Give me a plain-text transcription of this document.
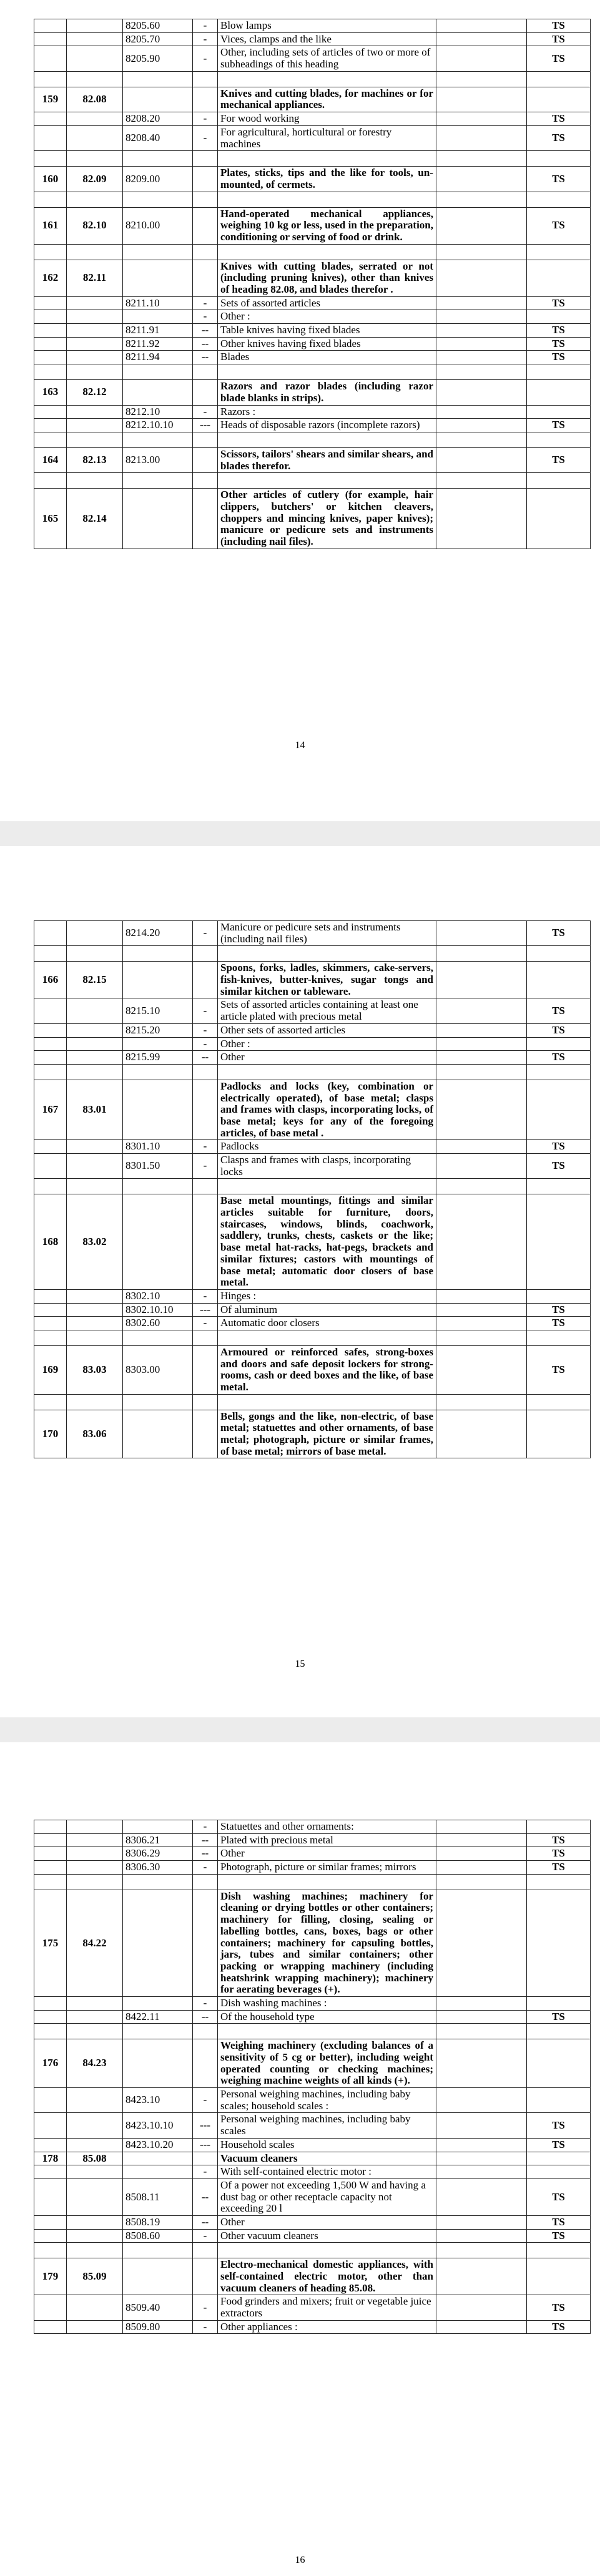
		8205.60	-	Blow lamps		TS
		8205.70	-	Vices, clamps and the like		TS
		8205.90	-	Other, including sets of articles of two or more of subheadings of this heading		TS

159	82.08			Knives and cutting blades, for machines or for mechanical appliances.		
		8208.20	-	For wood working		TS
		8208.40	-	For agricultural, horticultural or forestry machines		TS

160	82.09	8209.00		Plates, sticks, tips and the like for tools, un-mounted, of cermets.		TS

161	82.10	8210.00		Hand-operated mechanical appliances, weighing 10 kg or less, used in the preparation, conditioning or serving of food or drink.		TS

162	82.11			Knives with cutting blades, serrated or not (including pruning knives), other than knives of heading 82.08, and blades therefor .		
		8211.10	-	Sets of assorted articles		TS
			-	Other :		
		8211.91	--	Table knives having fixed blades		TS
		8211.92	--	Other knives having fixed blades		TS
		8211.94	--	Blades		TS

163	82.12			Razors and razor blades (including razor blade blanks in strips).		
		8212.10	-	Razors :		
		8212.10.10	---	Heads of disposable razors (incomplete razors)		TS

164	82.13	8213.00		Scissors, tailors' shears and similar shears, and blades therefor.		TS

165	82.14			Other articles of cutlery (for example, hair clippers, butchers' or kitchen cleavers, choppers and mincing knives, paper knives); manicure or pedicure sets and instruments (including nail files).		
14
		8214.20	-	Manicure or pedicure sets and instruments (including nail files)		TS

166	82.15			Spoons, forks, ladles, skimmers, cake-servers, fish-knives, butter-knives, sugar tongs and similar kitchen or tableware.		
		8215.10	-	Sets of assorted articles containing at least one article plated with precious metal		TS
		8215.20	-	Other sets of assorted articles		TS
			-	Other :		
		8215.99	--	Other		TS

167	83.01			Padlocks and locks (key, combination or electrically operated), of base metal; clasps and frames with clasps, incorporating locks, of base metal; keys for any of the foregoing articles, of base metal .		
		8301.10	-	Padlocks		TS
		8301.50	-	Clasps and frames with clasps, incorporating locks		TS

168	83.02			Base metal mountings, fittings and similar articles suitable for furniture, doors, staircases, windows, blinds, coachwork, saddlery, trunks, chests, caskets or the like; base metal hat-racks, hat-pegs, brackets and similar fixtures; castors with mountings of base metal; automatic door closers of base metal.		
		8302.10	-	Hinges :		
		8302.10.10	---	Of aluminum		TS
		8302.60	-	Automatic door closers		TS

169	83.03	8303.00		Armoured or reinforced safes, strong-boxes and doors and safe deposit lockers for strong-rooms, cash or deed boxes and the like, of base metal.		TS

170	83.06			Bells, gongs and the like, non-electric, of base metal; statuettes and other ornaments, of base metal; photograph, picture or similar frames, of base metal; mirrors of base metal.		
15
			-	Statuettes and other ornaments:		
		8306.21	--	Plated with precious metal		TS
		8306.29	--	Other		TS
		8306.30	-	Photograph, picture or similar frames; mirrors		TS

175	84.22			Dish washing machines; machinery for cleaning or drying bottles or other containers; machinery for filling, closing, sealing or labelling bottles, cans, boxes, bags or other containers; machinery for capsuling bottles, jars, tubes and similar containers; other packing or wrapping machinery (including heatshrink wrapping machinery); machinery for aerating beverages (+).		
			-	Dish washing machines :		
		8422.11	--	Of the household type		TS

176	84.23			Weighing machinery (excluding balances of a sensitivity of 5 cg or better), including weight operated counting or checking machines; weighing machine weights of all kinds (+).		
		8423.10	-	Personal weighing machines, including baby scales; household scales :		
		8423.10.10	---	Personal weighing machines, including baby scales		TS
		8423.10.20	---	Household scales		TS
178	85.08			Vacuum cleaners		
			-	With self-contained electric motor :		
		8508.11	--	Of a power not exceeding 1,500 W and having a dust bag or other receptacle capacity not exceeding 20 l		TS
		8508.19	--	Other		TS
		8508.60	-	Other vacuum cleaners		TS

179	85.09			Electro-mechanical domestic appliances, with self-contained electric motor, other than vacuum cleaners of heading 85.08.		
		8509.40	-	Food grinders and mixers; fruit or vegetable juice extractors		TS
		8509.80	-	Other appliances :		TS
16
